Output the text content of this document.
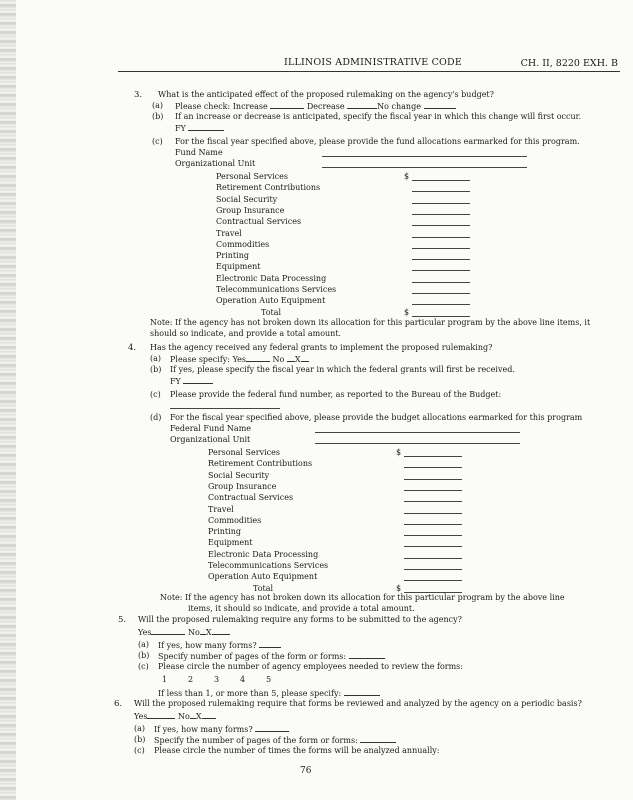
ILLINOIS ADMINISTRATIVE CODE	CH. II, 8220 EXH. B
3. What is the anticipated effect of the proposed rulemaking on the agency's budget?
(a) Please check: Increase	Decrease	No change
(b) If an increase or decrease is anticipated, specify the fiscal year in which this change will first occur.
FY
(c) For the fiscal year specified above, please provide the fund allocations earmarked for this program.
Fund Name
Organizational Unit
Personal Services	$
Retirement Contributions
Social Security
Group Insurance
Contractual Services
Travel
Commodities
Printing
Equipment
Electronic Data Processing
Telecommunications Services
Operation Auto Equipment
Total	$
Note: If the agency has not broken down its allocation for this particular program by the above line items, it
should so indicate, and provide a total amount.
4. Has the agency received any federal grants to implement the proposed rulemaking?
(a) Please specify: Yes	No X
(b) If yes, please specify the fiscal year in which the federal grants will first be received.
FY
(c) Please provide the federal fund number, as reported to the Bureau of the Budget:
(d) For the fiscal year specified above, please provide the budget allocations earmarked for this program
Federal Fund Name
Organizational Unit
Personal Services	$
Retirement Contributions
Social Security
Group Insurance
Contractual Services
Travel
Commodities
Printing
Equipment
Electronic Data Processing
Telecommunications Services
Operation Auto Equipment
Total	$
Note: If the agency has not broken down its allocation for this particular program by the above line
items, it should so indicate, and provide a total amount.
5. Will the proposed rulemaking require any forms to be submitted to the agency?
Yes	No X
(a) If yes, how many forms?
(b) Specify number of pages of the form or forms:
(c) Please circle the number of agency employees needed to review the forms:
1	2	3	4	5
If less than 1, or more than 5, please specify:
6. Will the proposed rulemaking require that forms be reviewed and analyzed by the agency on a periodic basis?
Yes	No X
(a) If yes, how many forms?
(b) Specify the number of pages of the form or forms:
(c) Please circle the number of times the forms will be analyzed annually:
76
